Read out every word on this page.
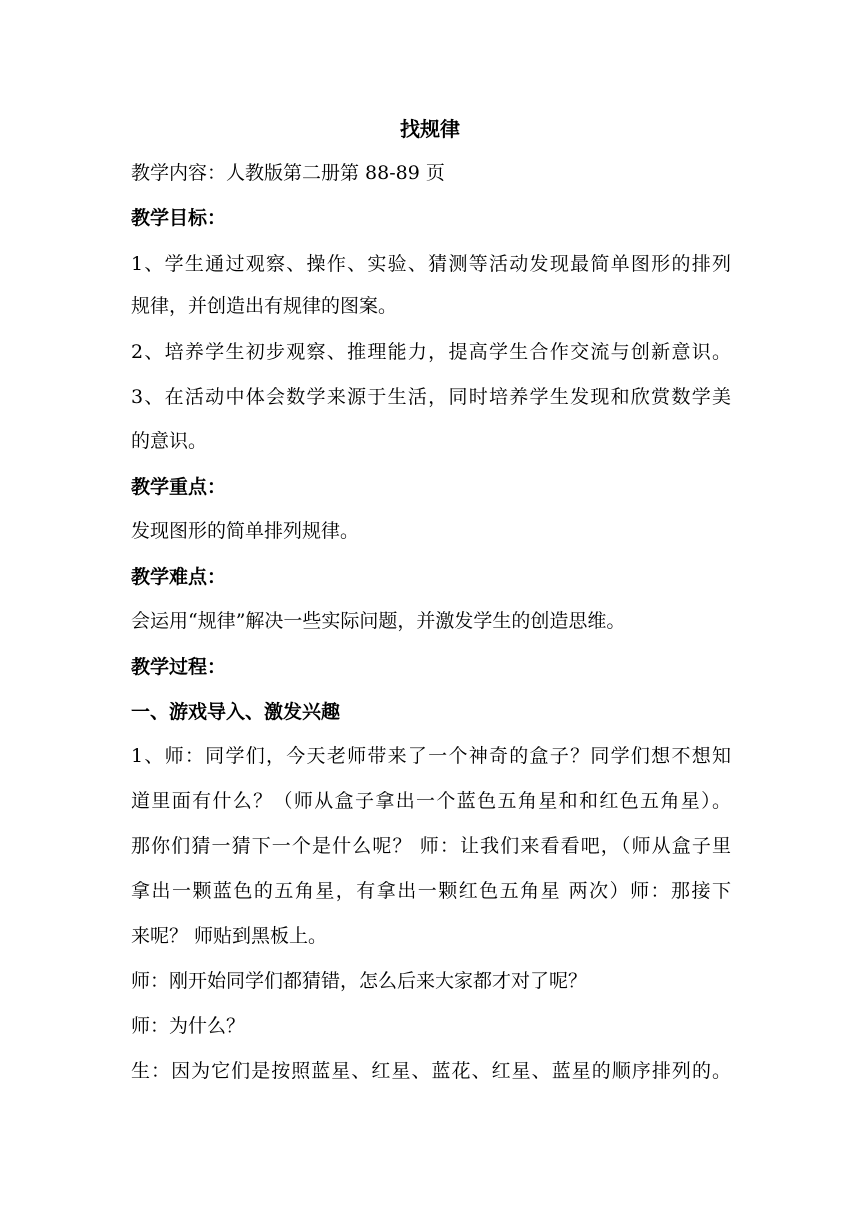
找规律
教学内容：人教版第二册第 88-89 页
教学目标：
1、学生通过观察、操作、实验、猜测等活动发现最简单图形的排列
规律，并创造出有规律的图案。
2、培养学生初步观察、推理能力，提高学生合作交流与创新意识。
3、在活动中体会数学来源于生活，同时培养学生发现和欣赏数学美
的意识。
教学重点：
发现图形的简单排列规律。
教学难点：
会运用“规律”解决一些实际问题，并激发学生的创造思维。
教学过程：
一、游戏导入、激发兴趣
1、师：同学们，今天老师带来了一个神奇的盒子？同学们想不想知
道里面有什么？（师从盒子拿出一个蓝色五角星和和红色五角星）。
那你们猜一猜下一个是什么呢？ 师：让我们来看看吧，（师从盒子里
拿出一颗蓝色的五角星，有拿出一颗红色五角星 两次）师：那接下
来呢？ 师贴到黑板上。
师：刚开始同学们都猜错，怎么后来大家都才对了呢？
师：为什么？
生：因为它们是按照蓝星、红星、蓝花、红星、蓝星的顺序排列的。
